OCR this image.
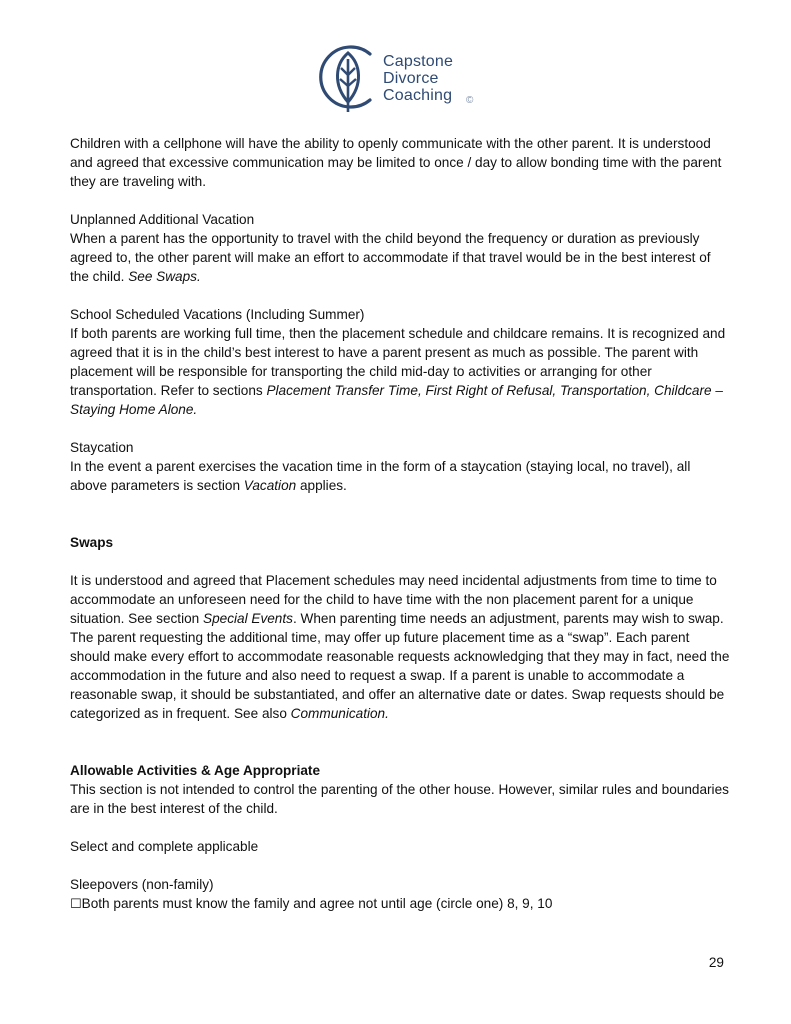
Capstone
Divorce
Coaching	©

Children with a cellphone will have the ability to openly communicate with the other parent. It is understood and agreed that excessive communication may be limited to once / day to allow bonding time with the parent they are traveling with.

Unplanned Additional Vacation

When a parent has the opportunity to travel with the child beyond the frequency or duration as previously agreed to, the other parent will make an effort to accommodate if that travel would be in the best interest of the child. See Swaps.

School Scheduled Vacations (Including Summer)

If both parents are working full time, then the placement schedule and childcare remains. It is recognized and agreed that it is in the child’s best interest to have a parent present as much as possible. The parent with placement will be responsible for transporting the child mid-day to activities or arranging for other transportation. Refer to sections Placement Transfer Time, First Right of Refusal, Transportation, Childcare – Staying Home Alone.

Staycation

In the event a parent exercises the vacation time in the form of a staycation (staying local, no travel), all above parameters is section Vacation applies.

Swaps

It is understood and agreed that Placement schedules may need incidental adjustments from time to time to accommodate an unforeseen need for the child to have time with the non placement parent for a unique situation. See section Special Events. When parenting time needs an adjustment, parents may wish to swap. The parent requesting the additional time, may offer up future placement time as a “swap”. Each parent should make every effort to accommodate reasonable requests acknowledging that they may in fact, need the accommodation in the future and also need to request a swap. If a parent is unable to accommodate a reasonable swap, it should be substantiated, and offer an alternative date or dates. Swap requests should be categorized as in frequent. See also Communication.

Allowable Activities & Age Appropriate

This section is not intended to control the parenting of the other house. However, similar rules and boundaries are in the best interest of the child.

Select and complete applicable

Sleepovers (non-family)

☐Both parents must know the family and agree not until age (circle one) 8, 9, 10

29
